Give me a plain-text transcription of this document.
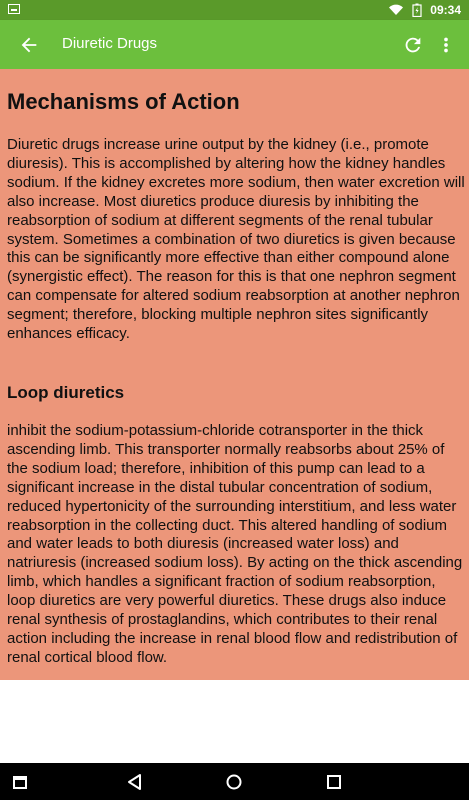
09:34
Diuretic Drugs
Mechanisms of Action

Diuretic drugs increase urine output by the kidney (i.e., promote diuresis). This is accomplished by altering how the kidney handles sodium. If the kidney excretes more sodium, then water excretion will also increase. Most diuretics produce diuresis by inhibiting the reabsorption of sodium at different segments of the renal tubular system. Sometimes a combination of two diuretics is given because this can be significantly more effective than either compound alone (synergistic effect). The reason for this is that one nephron segment can compensate for altered sodium reabsorption at another nephron segment; therefore, blocking multiple nephron sites significantly enhances efficacy.

Loop diuretics

inhibit the sodium-potassium-chloride cotransporter in the thick ascending limb. This transporter normally reabsorbs about 25% of the sodium load; therefore, inhibition of this pump can lead to a significant increase in the distal tubular concentration of sodium, reduced hypertonicity of the surrounding interstitium, and less water reabsorption in the collecting duct. This altered handling of sodium and water leads to both diuresis (increased water loss) and natriuresis (increased sodium loss). By acting on the thick ascending limb, which handles a significant fraction of sodium reabsorption, loop diuretics are very powerful diuretics. These drugs also induce renal synthesis of prostaglandins, which contributes to their renal action including the increase in renal blood flow and redistribution of renal cortical blood flow.
